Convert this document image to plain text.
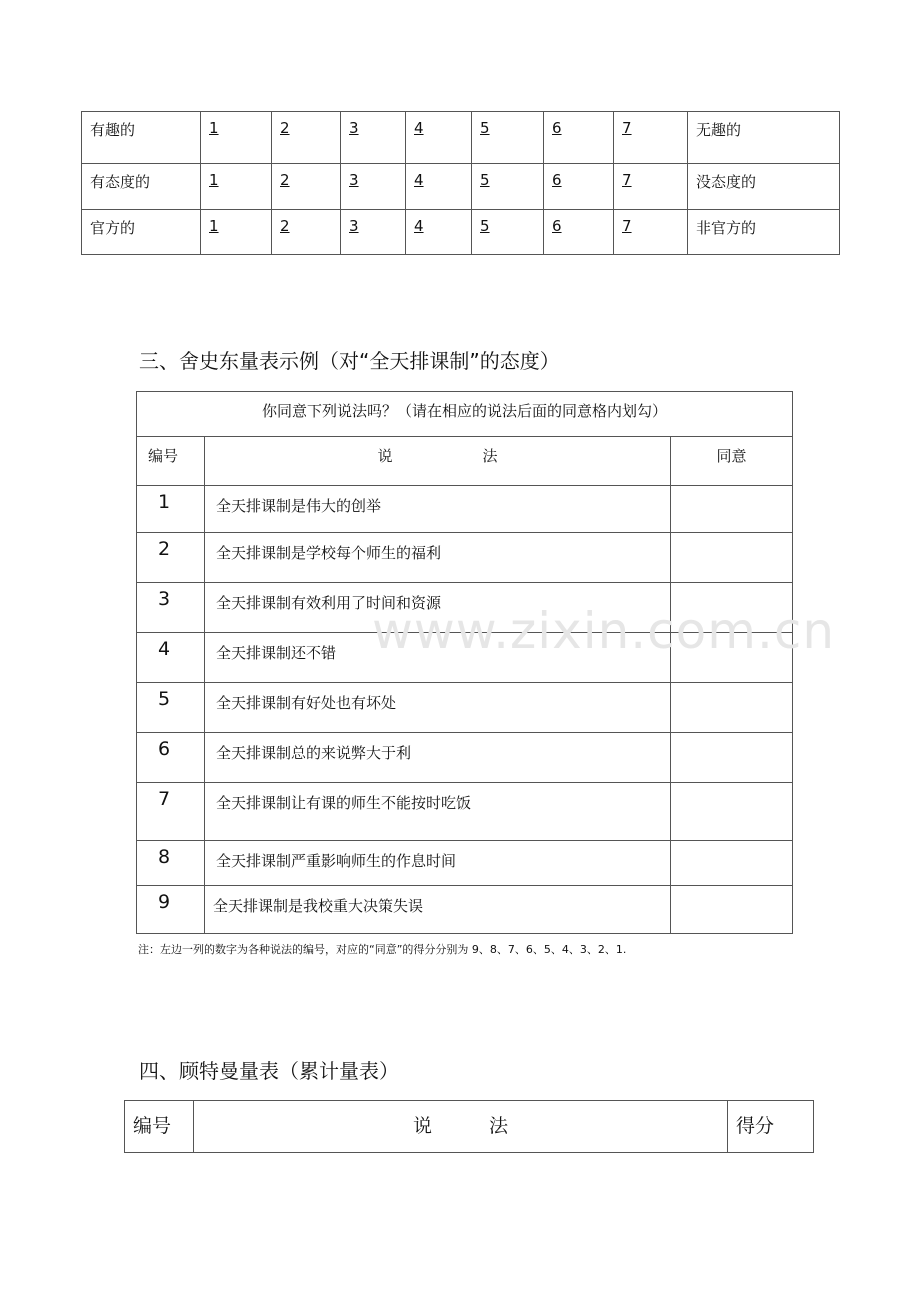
有趣的	1	2	3	4	5	6	7	无趣的
有态度的	1	2	3	4	5	6	7	没态度的
官方的	1	2	3	4	5	6	7	非官方的
三、舍史东量表示例（对“全天排课制”的态度）
你同意下列说法吗？（请在相应的说法后面的同意格内划勾）		
编号	说　　　　　　法	同意
1	全天排课制是伟大的创举	
2	全天排课制是学校每个师生的福利	
3	全天排课制有效利用了时间和资源	
4	全天排课制还不错	
5	全天排课制有好处也有坏处	
6	全天排课制总的来说弊大于利	
7	全天排课制让有课的师生不能按时吃饭	
8	全天排课制严重影响师生的作息时间	
9	全天排课制是我校重大决策失误	

注：左边一列的数字为各种说法的编号，对应的“同意”的得分分别为 9、8、7、6、5、4、3、2、1.

www.zixin.com.cn
四、顾特曼量表（累计量表）
编号	说　　　法	得分
